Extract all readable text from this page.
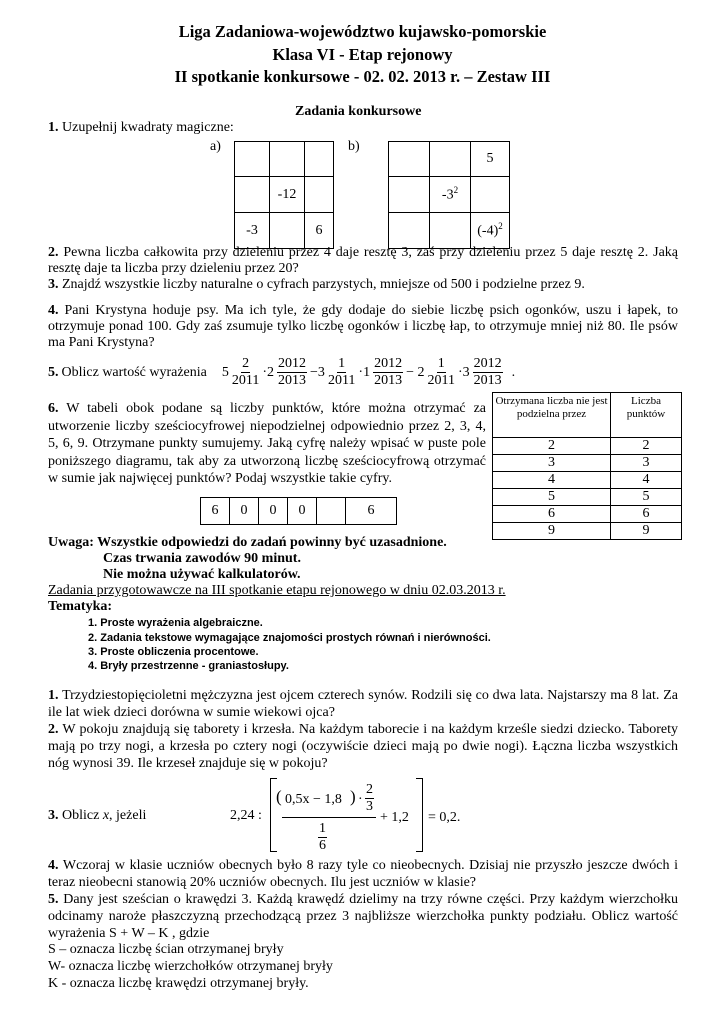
Liga Zadaniowa-województwo kujawsko-pomorskie
Klasa VI - Etap rejonowy
II spotkanie konkursowe - 02. 02. 2013 r. – Zestaw III
Zadania konkursowe
1. Uzupełnij kwadraty magiczne:
a)	b)

	-12	
-3		6
		5
	$-3^2$	
		$(-4)^2$
2. Pewna liczba całkowita przy dzieleniu przez 4 daje resztę 3, zaś przy dzieleniu przez 5 daje resztę 2. Jaką resztę daje ta liczba przy dzieleniu przez 20?
3. Znajdź wszystkie liczby naturalne o cyfrach parzystych, mniejsze od 500 i podzielne przez 9.
4. Pani Krystyna hoduje psy. Ma ich tyle, że gdy dodaje do siebie liczbę psich ogonków, uszu i łapek, to otrzymuje ponad 100. Gdy zaś zsumuje tylko liczbę ogonków i liczbę łap, to otrzymuje mniej niż 80. Ile psów ma Pani Krystyna?
5. Oblicz wartość wyrażenia $5 \frac{2}{2011} \cdot 2 \frac{2012}{2013} -3 \frac{1}{2011} \cdot 1 \frac{2012}{2013} - 2 \frac{1}{2011} \cdot 3 \frac{2012}{2013}$ .
6. W tabeli obok podane są liczby punktów, które można otrzymać za utworzenie liczby sześciocyfrowej niepodzielnej odpowiednio przez 2, 3, 4, 5, 6, 9. Otrzymane punkty sumujemy. Jaką cyfrę należy wpisać w puste pole poniższego diagramu, tak aby za utworzoną liczbę sześciocyfrową otrzymać w sumie jak najwięcej punktów? Podaj wszystkie takie cyfry.
6	0	0	0		6
Otrzymana liczba nie jest podzielna przez	Liczba punktów
2	2
3	3
4	4
5	5
6	6
9	9
Uwaga: Wszystkie odpowiedzi do zadań powinny być uzasadnione.
Czas trwania zawodów 90 minut.
Nie można używać kalkulatorów.
Zadania przygotowawcze na III spotkanie etapu rejonowego w dniu 02.03.2013 r.
Tematyka:
1. Proste wyrażenia algebraiczne.
2. Zadania tekstowe wymagające znajomości prostych równań i nierówności.
3. Proste obliczenia procentowe.
4. Bryły przestrzenne - graniastosłupy.
1. Trzydziestopięcioletni mężczyzna jest ojcem czterech synów. Rodzili się co dwa lata. Najstarszy ma 8 lat. Za ile lat wiek dzieci dorówna w sumie wiekowi ojca?
2. W pokoju znajdują się taborety i krzesła. Na każdym taborecie i na każdym krześle siedzi dziecko. Taborety mają po trzy nogi, a krzesła po cztery nogi (oczywiście dzieci mają po dwie nogi). Łączna liczba wszystkich nóg wynosi 39. Ile krzeseł znajduje się w pokoju?
3. Oblicz x, jeżeli	2,24 :
( 0,5x − 1,8 ) · $\frac{2}{3}$
+ 1,2
$\frac{1}{6}$
= 0,2.
4. Wczoraj w klasie uczniów obecnych było 8 razy tyle co nieobecnych. Dzisiaj nie przyszło jeszcze dwóch i teraz nieobecni stanowią 20% uczniów obecnych. Ilu jest uczniów w klasie?
5. Dany jest sześcian o krawędzi 3. Każdą krawędź dzielimy na trzy równe części. Przy każdym wierzchołku odcinamy naroże płaszczyzną przechodzącą przez 3 najbliższe wierzchołka punkty podziału. Oblicz wartość wyrażenia S + W – K , gdzie
S – oznacza liczbę ścian otrzymanej bryły
W- oznacza liczbę wierzchołków otrzymanej bryły
K - oznacza liczbę krawędzi otrzymanej bryły.
